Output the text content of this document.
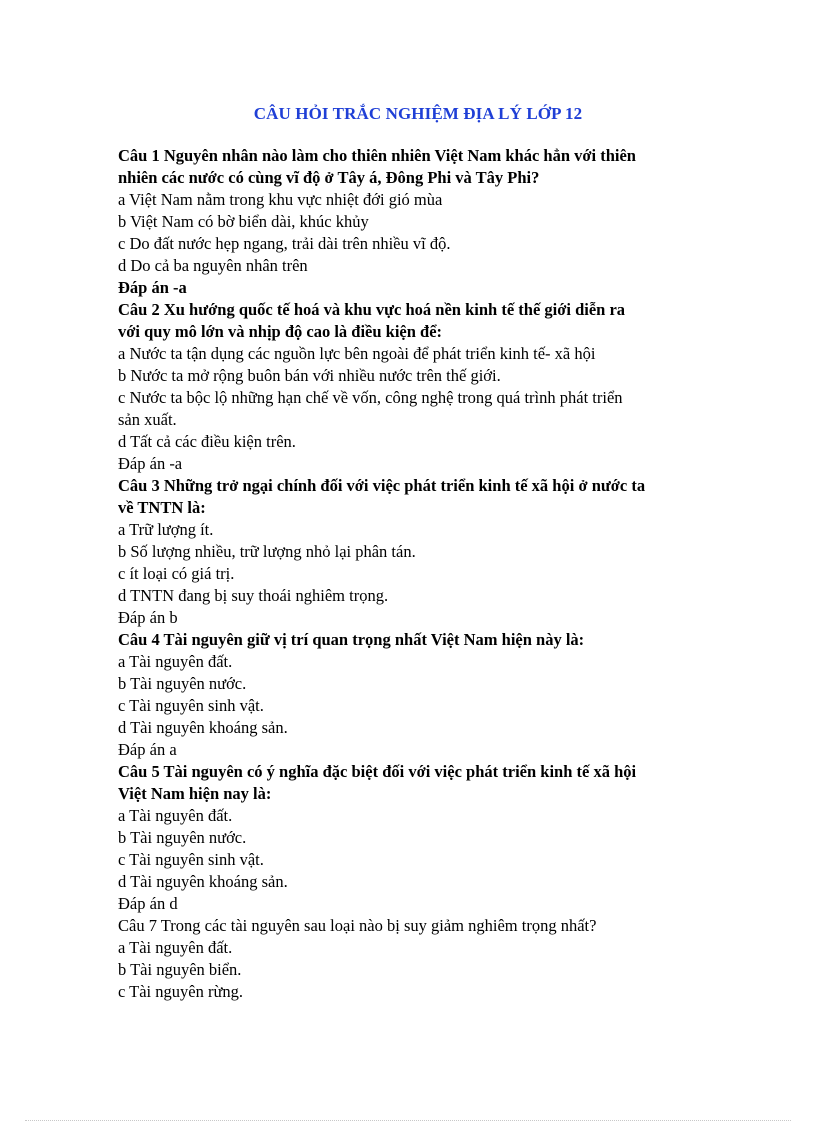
CÂU HỎI TRẮC NGHIỆM ĐỊA LÝ LỚP 12
Câu 1 Nguyên nhân nào làm cho thiên nhiên Việt Nam khác hẳn với thiên
nhiên các nước có cùng vĩ độ ở Tây á, Đông Phi và Tây Phi?
a Việt Nam nằm trong khu vực nhiệt đới gió mùa
b Việt Nam có bờ biển dài, khúc khủy
c Do đất nước hẹp ngang, trải dài trên nhiều vĩ độ.
d Do cả ba nguyên nhân trên
Đáp án -a
Câu 2 Xu hướng quốc tế hoá và khu vực hoá nền kinh tế thế giới diễn ra
với quy mô lớn và nhịp độ cao là điều kiện để:
a Nước ta tận dụng các nguồn lực bên ngoài để phát triển kinh tế- xã hội
b Nước ta mở rộng buôn bán với nhiều nước trên thế giới.
c Nước ta bộc lộ những hạn chế về vốn, công nghệ trong quá trình phát triển
sản xuất.
d Tất cả các điều kiện trên.
Đáp án -a
Câu 3 Những trở ngại chính đối với việc phát triển kinh tế xã hội ở nước ta
về TNTN là:
a Trữ lượng ít.
b Số lượng nhiều, trữ lượng nhỏ lại phân tán.
c ít loại có giá trị.
d TNTN đang bị suy thoái nghiêm trọng.
Đáp án b
Câu 4 Tài nguyên giữ vị trí quan trọng nhất Việt Nam hiện này là:
a Tài nguyên đất.
b Tài nguyên nước.
c Tài nguyên sinh vật.
d Tài nguyên khoáng sản.
Đáp án a
Câu 5 Tài nguyên có ý nghĩa đặc biệt đối với việc phát triển kinh tế xã hội
Việt Nam hiện nay là:
a Tài nguyên đất.
b Tài nguyên nước.
c Tài nguyên sinh vật.
d Tài nguyên khoáng sản.
Đáp án d
Câu 7 Trong các tài nguyên sau loại nào bị suy giảm nghiêm trọng nhất?
a Tài nguyên đất.
b Tài nguyên biển.
c Tài nguyên rừng.
